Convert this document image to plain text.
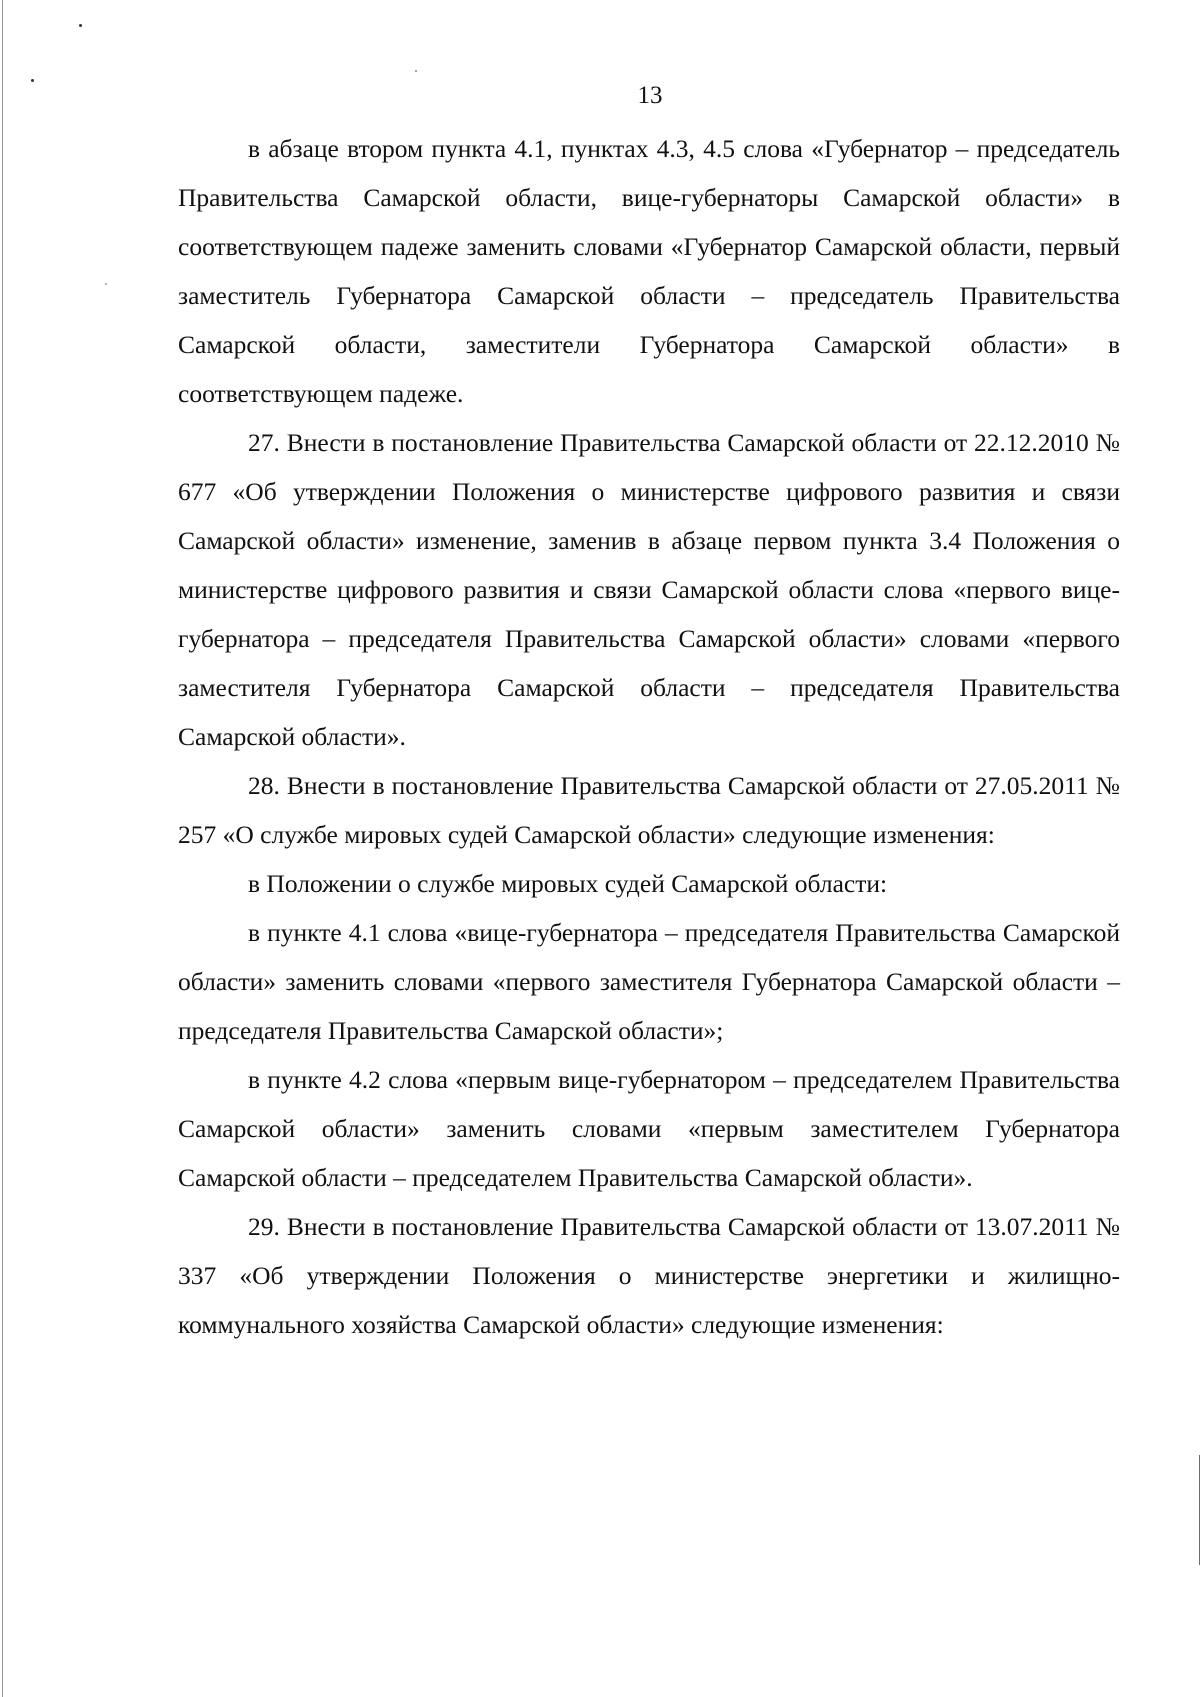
13

в абзаце втором пункта 4.1, пунктах 4.3, 4.5 слова «Губернатор – председатель Правительства Самарской области, вице-губернаторы Самарской области» в соответствующем падеже заменить словами «Губернатор Самарской области, первый заместитель Губернатора Самарской области – председатель Правительства Самарской области, заместители Губернатора Самарской области» в соответствующем падеже.

27. Внести в постановление Правительства Самарской области от 22.12.2010 № 677 «Об утверждении Положения о министерстве цифрового развития и связи Самарской области» изменение, заменив в абзаце первом пункта 3.4 Положения о министерстве цифрового развития и связи Самарской области слова «первого вице-губернатора – председателя Правительства Самарской области» словами «первого заместителя Губернатора Самарской области – председателя Правительства Самарской области».

28. Внести в постановление Правительства Самарской области от 27.05.2011 № 257 «О службе мировых судей Самарской области» следующие изменения:

в Положении о службе мировых судей Самарской области:

в пункте 4.1 слова «вице-губернатора – председателя Правительства Самарской области» заменить словами «первого заместителя Губернатора Самарской области – председателя Правительства Самарской области»;

в пункте 4.2 слова «первым вице-губернатором – председателем Правительства Самарской области» заменить словами «первым заместителем Губернатора Самарской области – председателем Правительства Самарской области».

29. Внести в постановление Правительства Самарской области от 13.07.2011 № 337 «Об утверждении Положения о министерстве энергетики и жилищно-коммунального хозяйства Самарской области» следующие изменения:
